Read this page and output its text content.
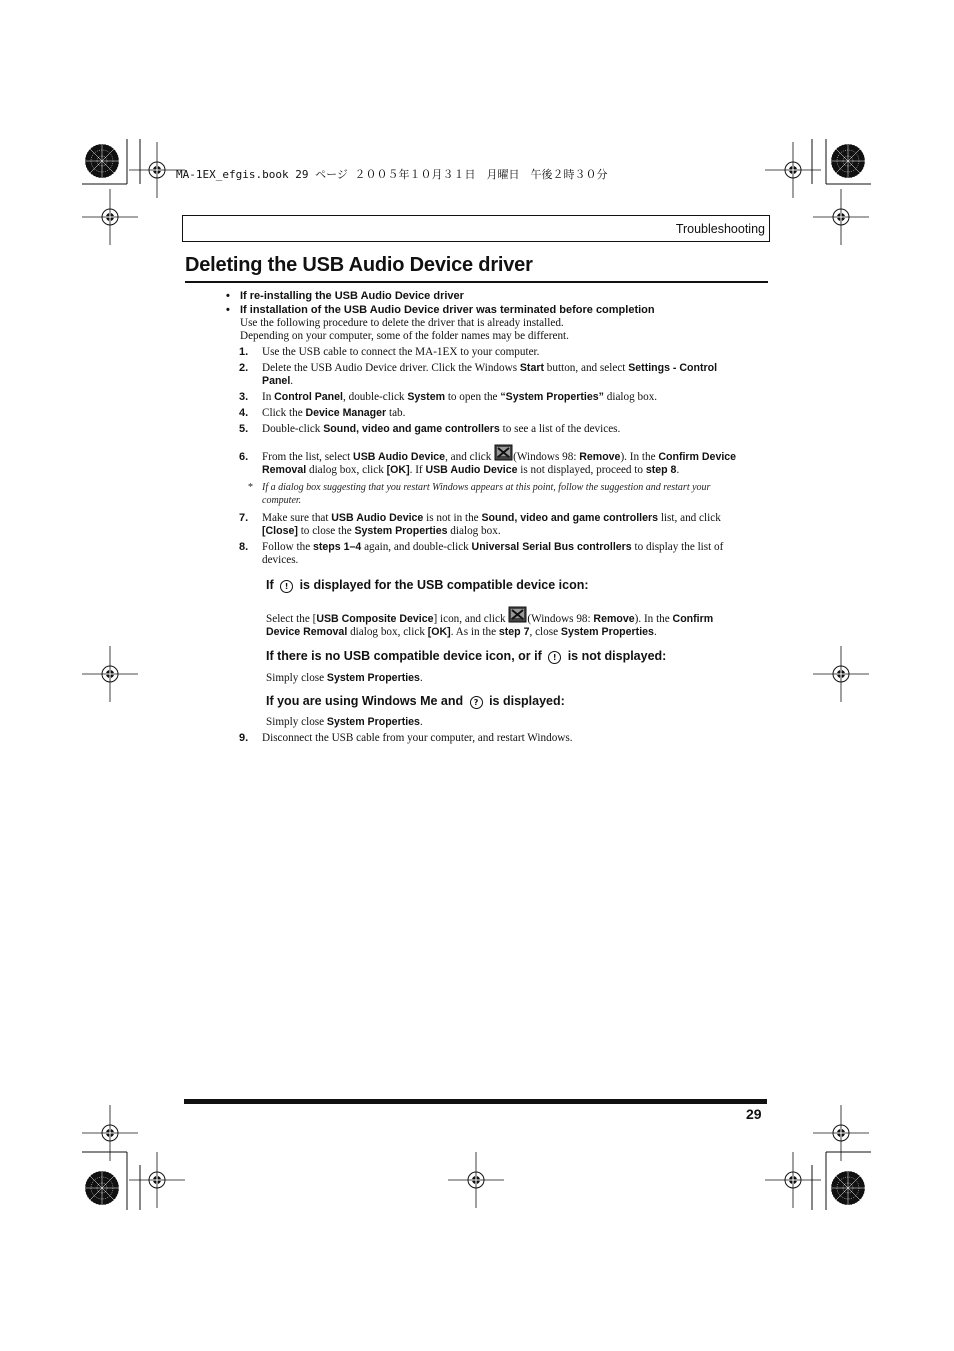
MA-1EX_efgis.book 29 ページ ２００５年１０月３１日　月曜日　午後２時３０分
Troubleshooting
Deleting the USB Audio Device driver
• If re-installing the USB Audio Device driver
• If installation of the USB Audio Device driver was terminated before completion
Use the following procedure to delete the driver that is already installed.
Depending on your computer, some of the folder names may be different.
1. Use the USB cable to connect the MA-1EX to your computer.
2. Delete the USB Audio Device driver. Click the Windows Start button, and select Settings - Control
Panel.
3. In Control Panel, double-click System to open the “System Properties” dialog box.
4. Click the Device Manager tab.
5. Double-click Sound, video and game controllers to see a list of the devices.
6. From the list, select USB Audio Device, and click (Windows 98: Remove). In the Confirm Device
Removal dialog box, click [OK]. If USB Audio Device is not displayed, proceed to step 8.
* If a dialog box suggesting that you restart Windows appears at this point, follow the suggestion and restart your
computer.
7. Make sure that USB Audio Device is not in the Sound, video and game controllers list, and click
[Close] to close the System Properties dialog box.
8. Follow the steps 1–4 again, and double-click Universal Serial Bus controllers to display the list of
devices.
If ! is displayed for the USB compatible device icon:
Select the [USB Composite Device] icon, and click (Windows 98: Remove). In the Confirm
Device Removal dialog box, click [OK]. As in the step 7, close System Properties.
If there is no USB compatible device icon, or if ! is not displayed:
Simply close System Properties.
If you are using Windows Me and ? is displayed:
Simply close System Properties.
9. Disconnect the USB cable from your computer, and restart Windows.
29
